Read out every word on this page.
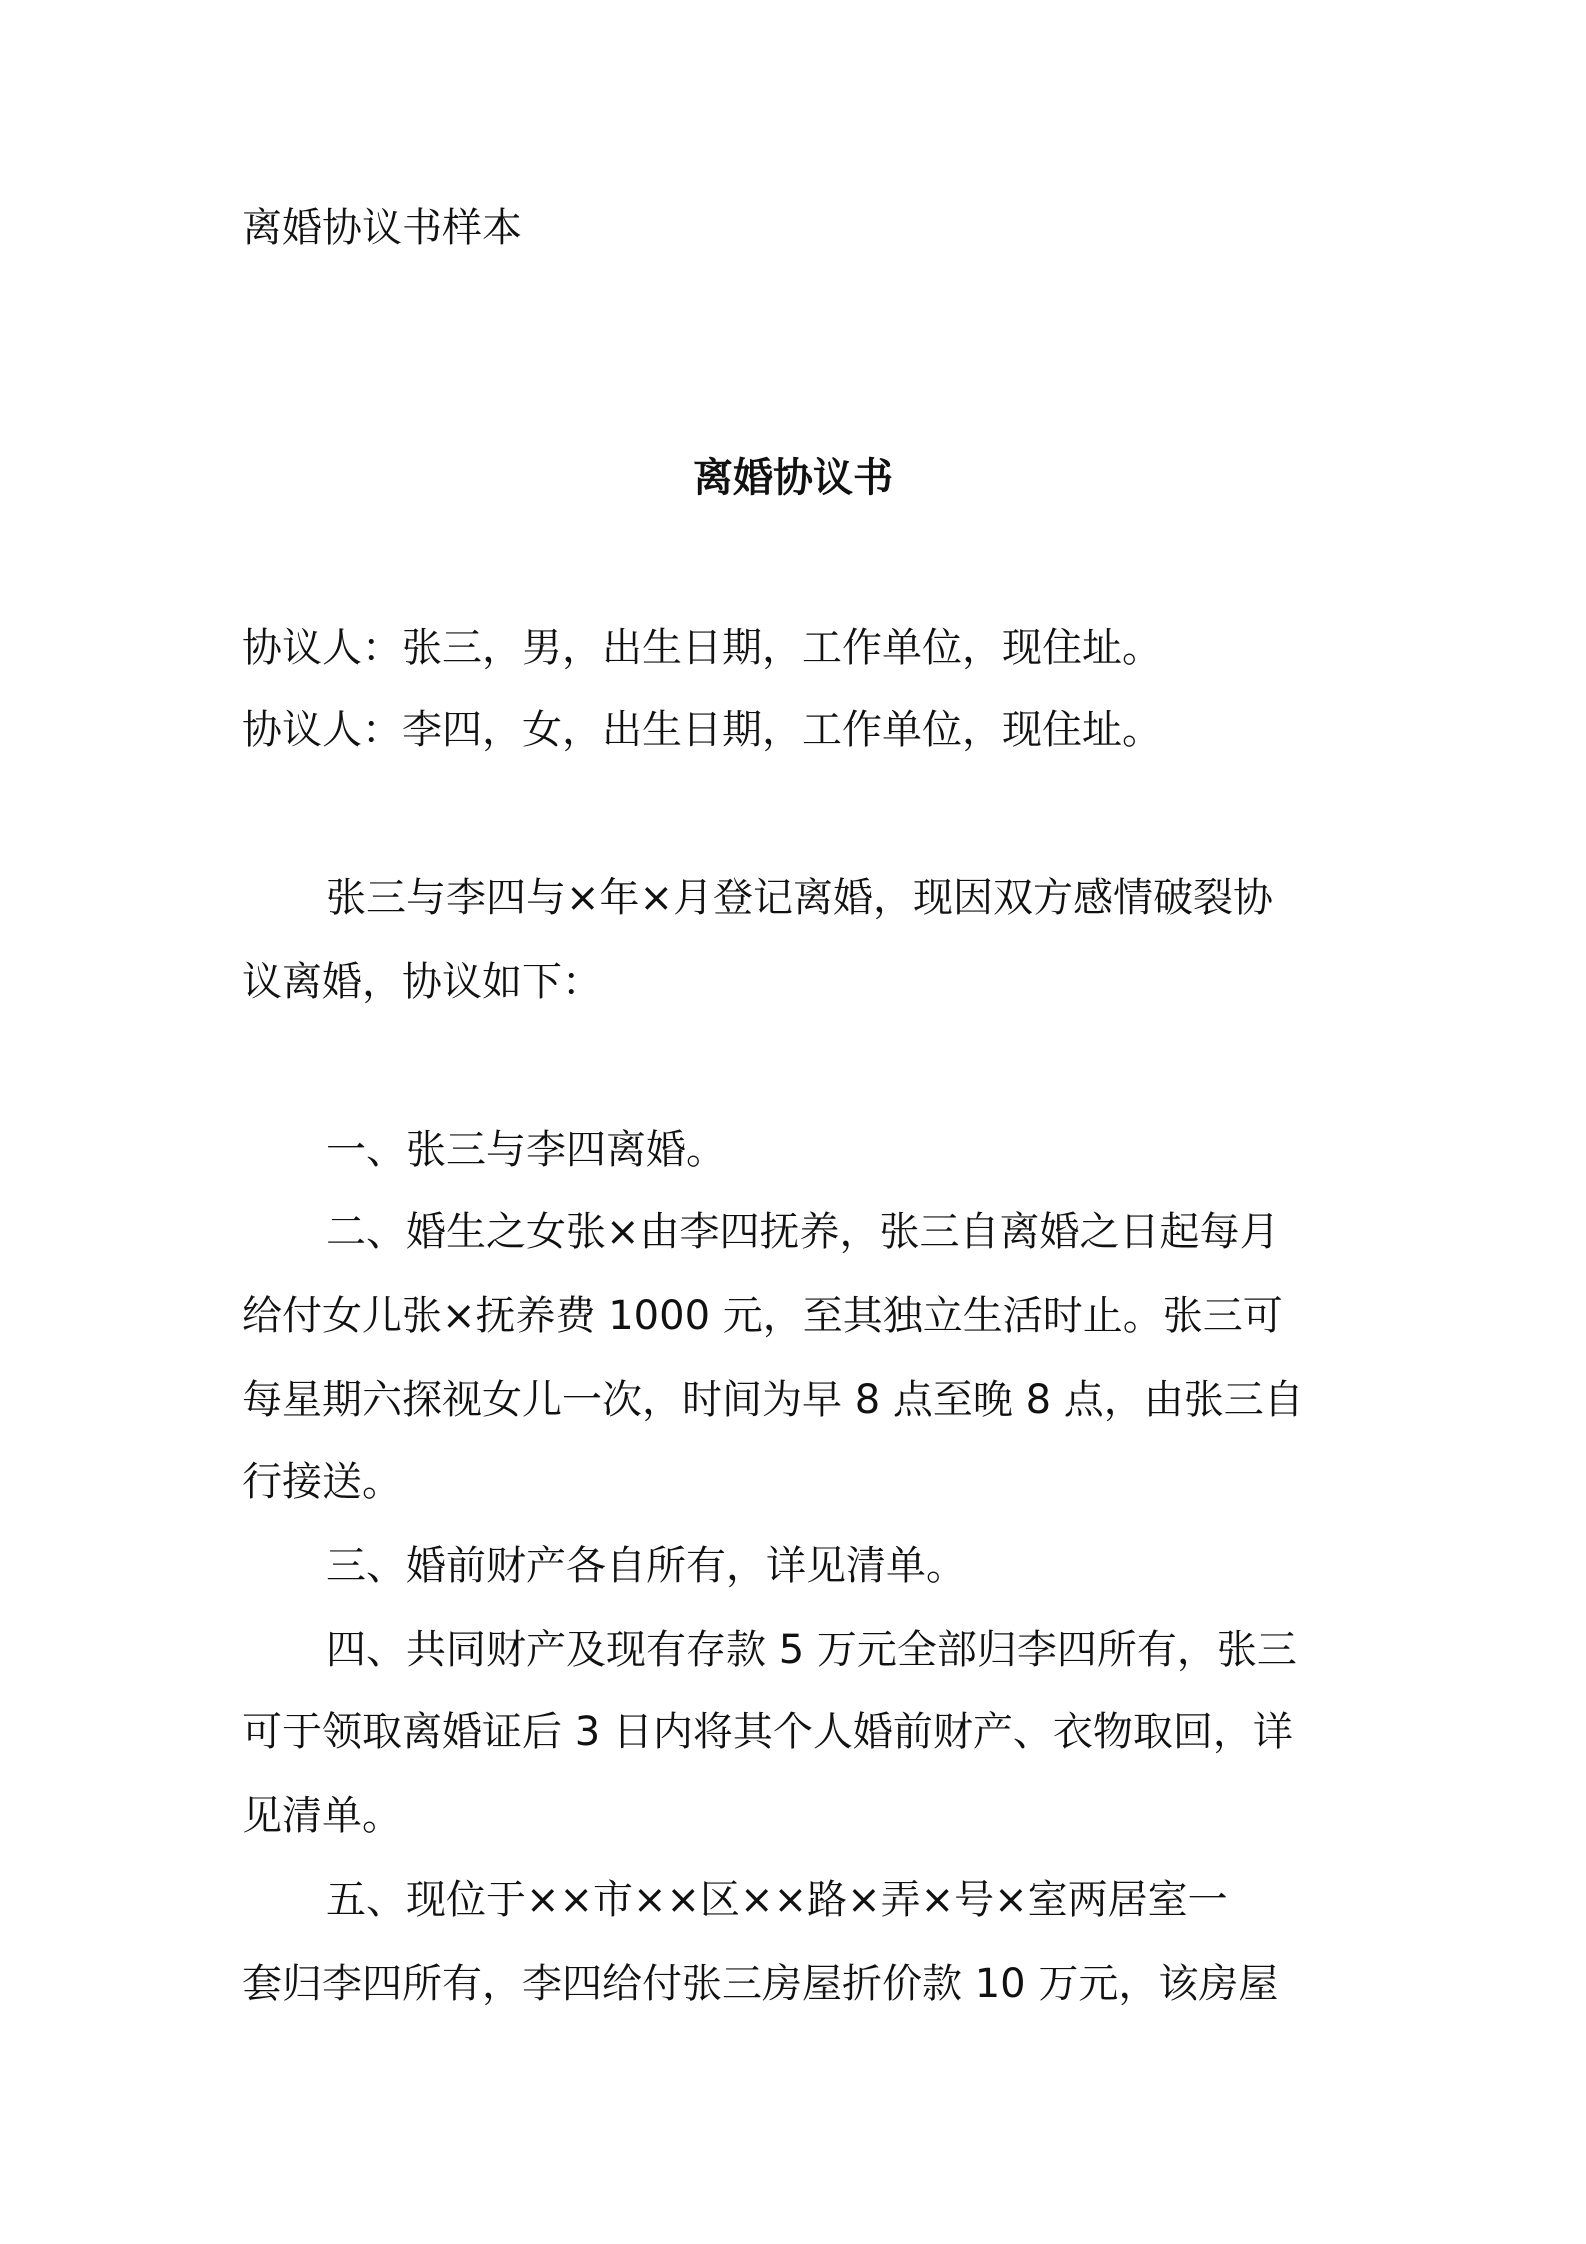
离婚协议书样本
离婚协议书
协议人：张三，男，出生日期，工作单位，现住址。
协议人：李四，女，出生日期，工作单位，现住址。
张三与李四与×年×月登记离婚，现因双方感情破裂协
议离婚，协议如下：
一、张三与李四离婚。
二、婚生之女张×由李四抚养，张三自离婚之日起每月
给付女儿张×抚养费 1000 元，至其独立生活时止。张三可
每星期六探视女儿一次，时间为早 8 点至晚 8 点，由张三自
行接送。
三、婚前财产各自所有，详见清单。
四、共同财产及现有存款 5 万元全部归李四所有，张三
可于领取离婚证后 3 日内将其个人婚前财产、衣物取回，详
见清单。
五、现位于××市××区××路×弄×号×室两居室一
套归李四所有，李四给付张三房屋折价款 10 万元，该房屋
